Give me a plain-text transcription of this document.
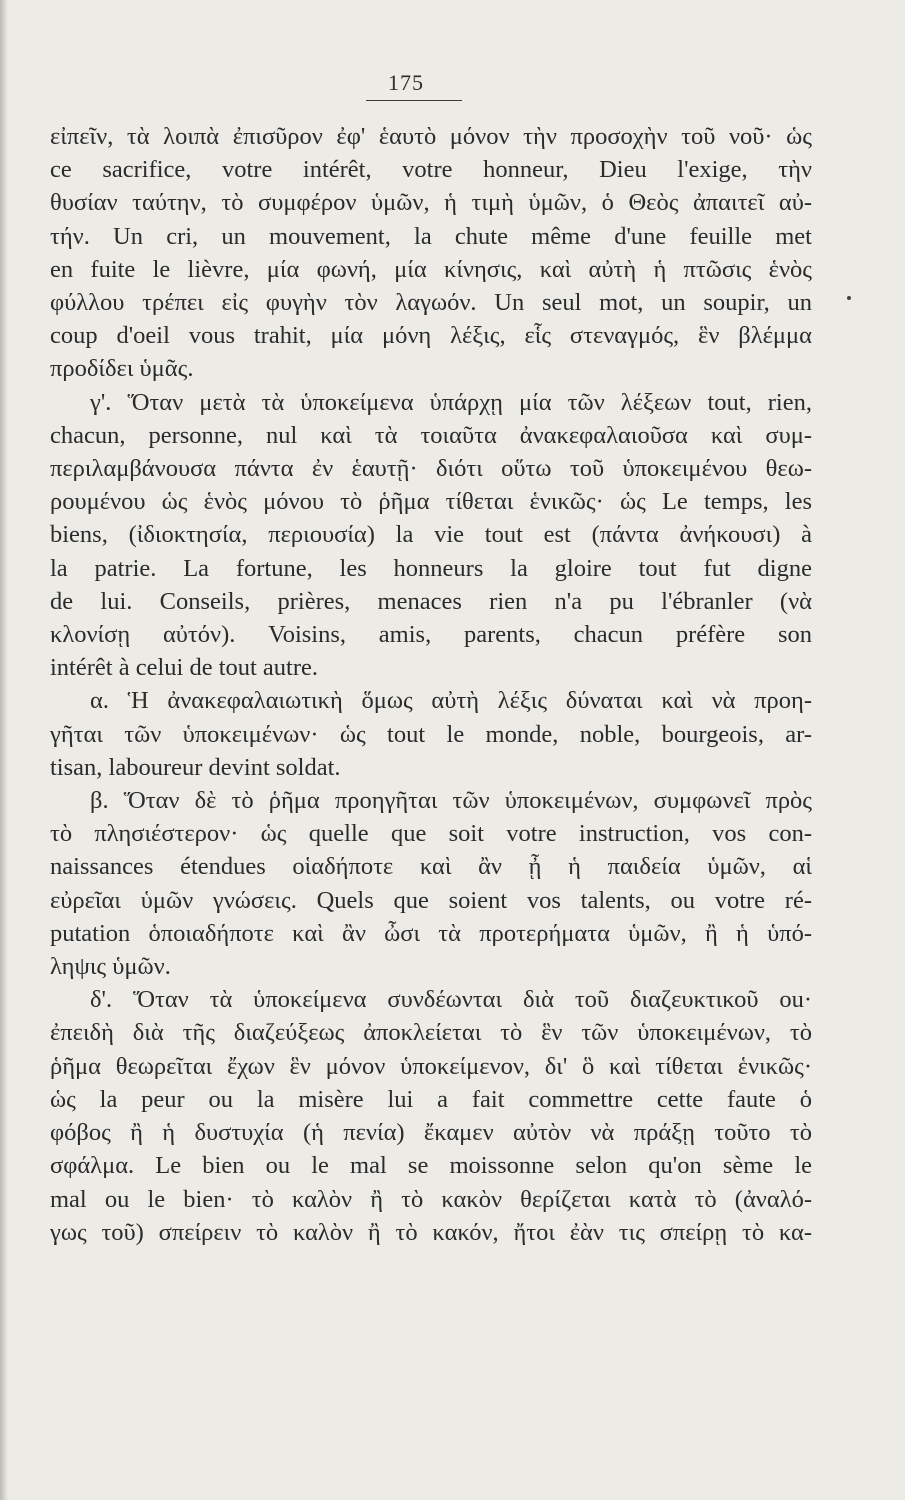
175
εἰπεῖν, τὰ λοιπὰ ἐπισῦρον ἐφ' ἑαυτὸ μόνον τὴν προσοχὴν τοῦ νοῦ· ὡς
ce sacrifice, votre intérêt, votre honneur, Dieu l'exige, τὴν
θυσίαν ταύτην, τὸ συμφέρον ὑμῶν, ἡ τιμὴ ὑμῶν, ὁ Θεὸς ἀπαιτεῖ αὐ-
τήν. Un cri, un mouvement, la chute même d'une feuille met
en fuite le lièvre, μία φωνή, μία κίνησις, καὶ αὐτὴ ἡ πτῶσις ἑνὸς
φύλλου τρέπει εἰς φυγὴν τὸν λαγωόν. Un seul mot, un soupir, un
coup d'oeil vous trahit, μία μόνη λέξις, εἷς στεναγμός, ἓν βλέμμα
προδίδει ὑμᾶς.
γ'. Ὅταν μετὰ τὰ ὑποκείμενα ὑπάρχῃ μία τῶν λέξεων tout, rien,
chacun, personne, nul καὶ τὰ τοιαῦτα ἀνακεφαλαιοῦσα καὶ συμ-
περιλαμβάνουσα πάντα ἐν ἑαυτῇ· διότι οὕτω τοῦ ὑποκειμένου θεω-
ρουμένου ὡς ἑνὸς μόνου τὸ ῥῆμα τίθεται ἑνικῶς· ὡς Le temps, les
biens, (ἰδιοκτησία, περιουσία) la vie tout est (πάντα ἀνήκουσι) à
la patrie. La fortune, les honneurs la gloire tout fut digne
de lui. Conseils, prières, menaces rien n'a pu l'ébranler (νὰ
κλονίσῃ αὐτόν). Voisins, amis, parents, chacun préfère son
intérêt à celui de tout autre.
α. Ἡ ἀνακεφαλαιωτικὴ ὅμως αὐτὴ λέξις δύναται καὶ νὰ προη-
γῆται τῶν ὑποκειμένων· ὡς tout le monde, noble, bourgeois, ar-
tisan, laboureur devint soldat.
β. Ὅταν δὲ τὸ ῥῆμα προηγῆται τῶν ὑποκειμένων, συμφωνεῖ πρὸς
τὸ πλησιέστερον· ὡς quelle que soit votre instruction, vos con-
naissances étendues οἱαδήποτε καὶ ἂν ᾖ ἡ παιδεία ὑμῶν, αἱ
εὐρεῖαι ὑμῶν γνώσεις. Quels que soient vos talents, ou votre ré-
putation ὁποιαδήποτε καὶ ἂν ὦσι τὰ προτερήματα ὑμῶν, ἢ ἡ ὑπό-
ληψις ὑμῶν.
δ'. Ὅταν τὰ ὑποκείμενα συνδέωνται διὰ τοῦ διαζευκτικοῦ ou·
ἐπειδὴ διὰ τῆς διαζεύξεως ἀποκλείεται τὸ ἓν τῶν ὑποκειμένων, τὸ
ῥῆμα θεωρεῖται ἔχων ἓν μόνον ὑποκείμενον, δι' ὃ καὶ τίθεται ἑνικῶς·
ὡς la peur ou la misère lui a fait commettre cette faute ὁ
φόβος ἢ ἡ δυστυχία (ἡ πενία) ἔκαμεν αὐτὸν νὰ πράξῃ τοῦτο τὸ
σφάλμα. Le bien ou le mal se moissonne selon qu'on sème le
mal ou le bien· τὸ καλὸν ἢ τὸ κακὸν θερίζεται κατὰ τὸ (ἀναλό-
γως τοῦ) σπείρειν τὸ καλὸν ἢ τὸ κακόν, ἤτοι ἐὰν τις σπείρῃ τὸ κα-
